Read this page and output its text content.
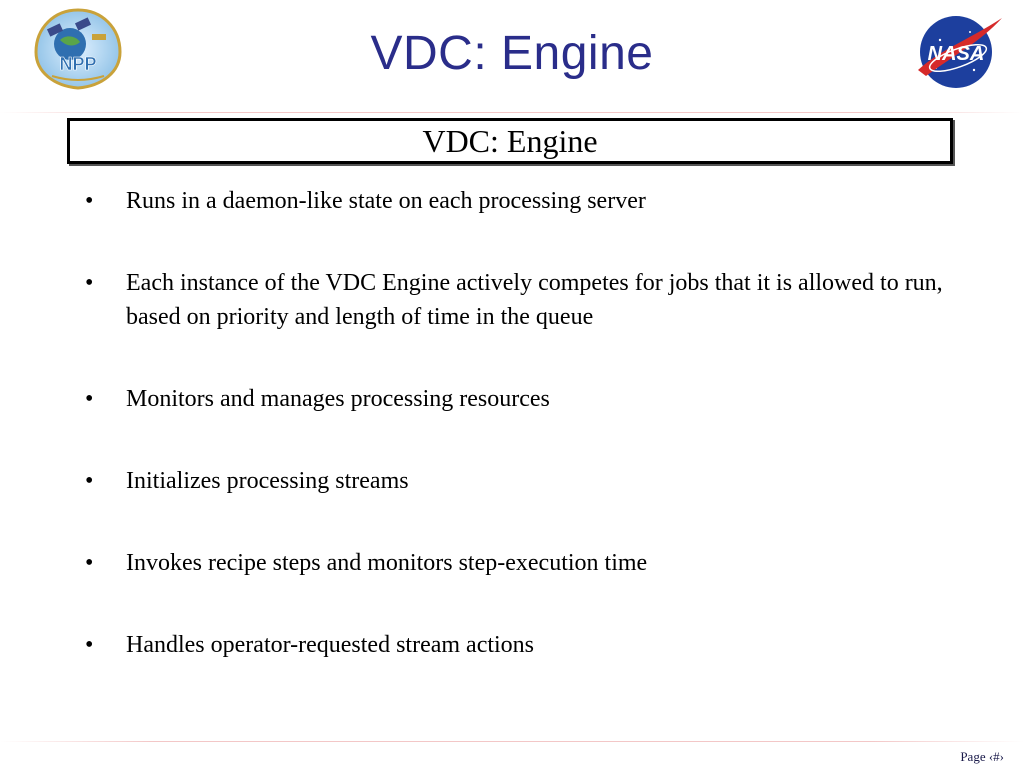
NPP	NASA
VDC: Engine
VDC: Engine
• Runs in a daemon-like state on each processing server
• Each instance of the VDC Engine actively competes for jobs that it is allowed to run, based on priority and length of time in the queue
• Monitors and manages processing resources
• Initializes processing streams
• Invokes recipe steps and monitors step-execution time
• Handles operator-requested stream actions
Page ‹#›
